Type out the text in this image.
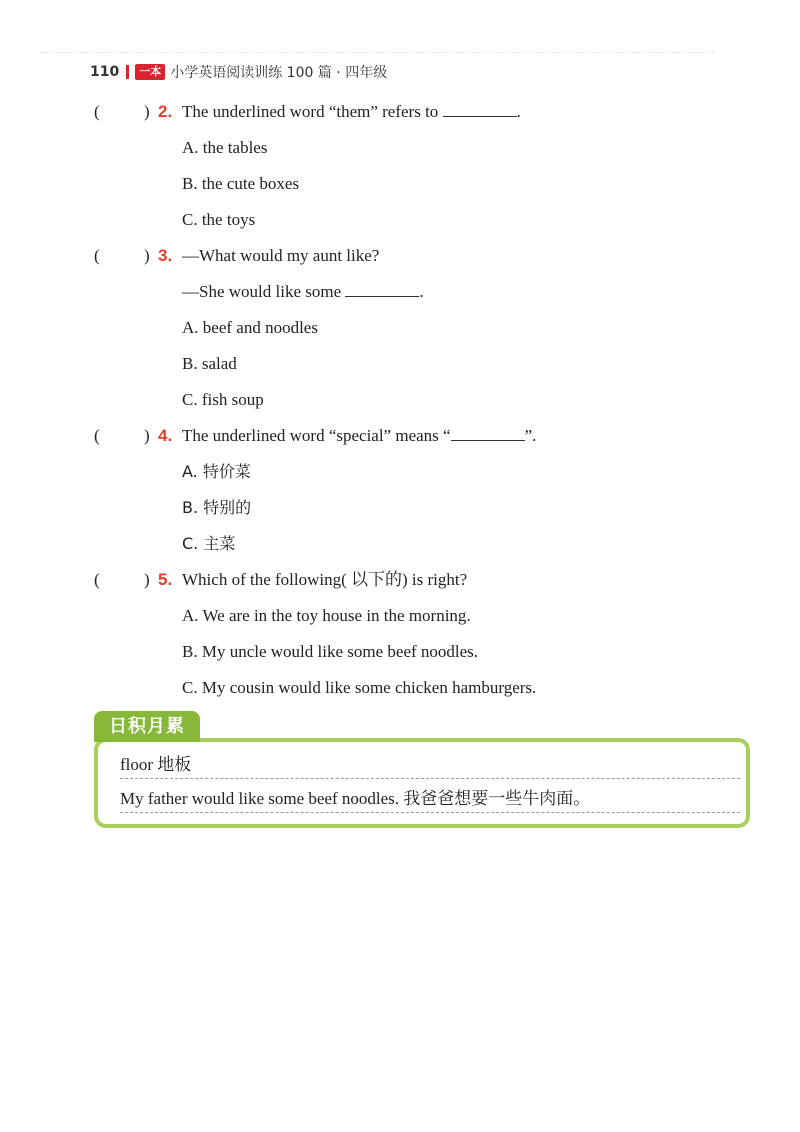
110	一本 小学英语阅读训练 100 篇 · 四年级
(	) 2. The underlined word “them” refers to	.
A. the tables
B. the cute boxes
C. the toys
(	) 3. —What would my aunt like?
—She would like some	.
A. beef and noodles
B. salad
C. fish soup
(	) 4. The underlined word “special” means “	”.
A. 特价菜
B. 特别的
C. 主菜
(	) 5. Which of the following( 以下的) is right?
A. We are in the toy house in the morning.
B. My uncle would like some beef noodles.
C. My cousin would like some chicken hamburgers.
日积月累
floor 地板
My father would like some beef noodles. 我爸爸想要一些牛肉面。
